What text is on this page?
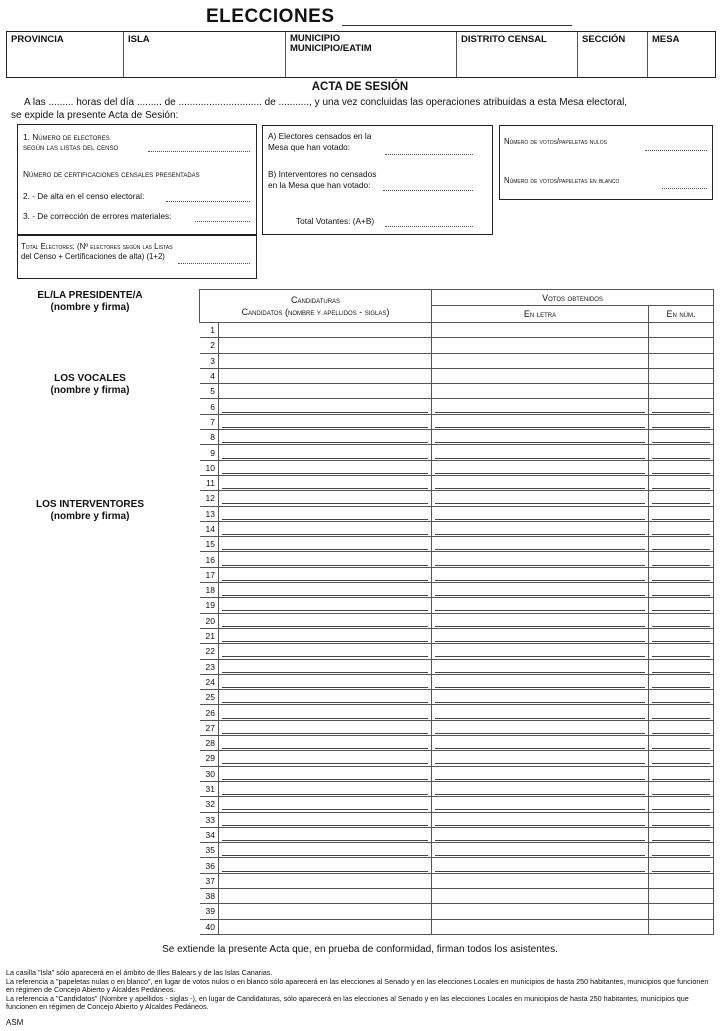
ELECCIONES
PROVINCIA	ISLA	MUNICIPIO
MUNICIPIO/EATIM
DISTRITO CENSAL	SECCIÓN	MESA
ACTA DE SESIÓN
A las ......... horas del día ......... de .............................. de ..........., y una vez concluidas las operaciones atribuidas a esta Mesa electoral,
se expide la presente Acta de Sesión:
1. Número de electores
según las listas del censo
Número de certificaciones censales presentadas
2. - De alta en el censo electoral:
3. - De corrección de errores materiales:
Total Electores: (Nº electores según las Listas
del Censo + Certificaciones de alta) (1+2)
A) Electores censados en la
Mesa que han votado:
B) Interventores no censados
en la Mesa que han votado:
Total Votantes: (A+B)
Número de votos/papeletas nulos
Número de votos/papeletas en blanco
EL/LA PRESIDENTE/A
(nombre y firma)
LOS VOCALES
(nombre y firma)
LOS INTERVENTORES
(nombre y firma)
Candidaturas
Candidatos (nombre y apellidos - siglas)		Votos obtenidos	
		En letra	En núm.
1			
2			
3			
4			
5			
6	

7	

8	

9	

10	

11	

12	

13	

14	

15	

16	

17	

18	

19	

20	

21	

22	

23	

24	

25	

26	

27	

28	

29	

30	

31	

32	

33	

34	

35	

36	

37			
38			
39			
40			
Se extiende la presente Acta que, en prueba de conformidad, firman todos los asistentes.
La casilla "Isla" sólo aparecerá en el ámbito de Illes Balears y de las Islas Canarias.
La referencia a "papeletas nulas o en blanco", en lugar de votos nulos o en blanco sólo aparecerá en las elecciones al Senado y en las elecciones Locales en municipios de hasta 250 habitantes, municipios que funcionen en régimen de Concejo Abierto y Alcaldes Pedáneos.
La referencia a "Candidatos" (Nombre y apellidos - siglas -), en lugar de Candidaturas, sólo aparecerá en las elecciones al Senado y en las elecciones Locales en municipios de hasta 250 habitantes, municipios que funcionen en régimen de Concejo Abierto y Alcaldes Pedáneos.
ASM
